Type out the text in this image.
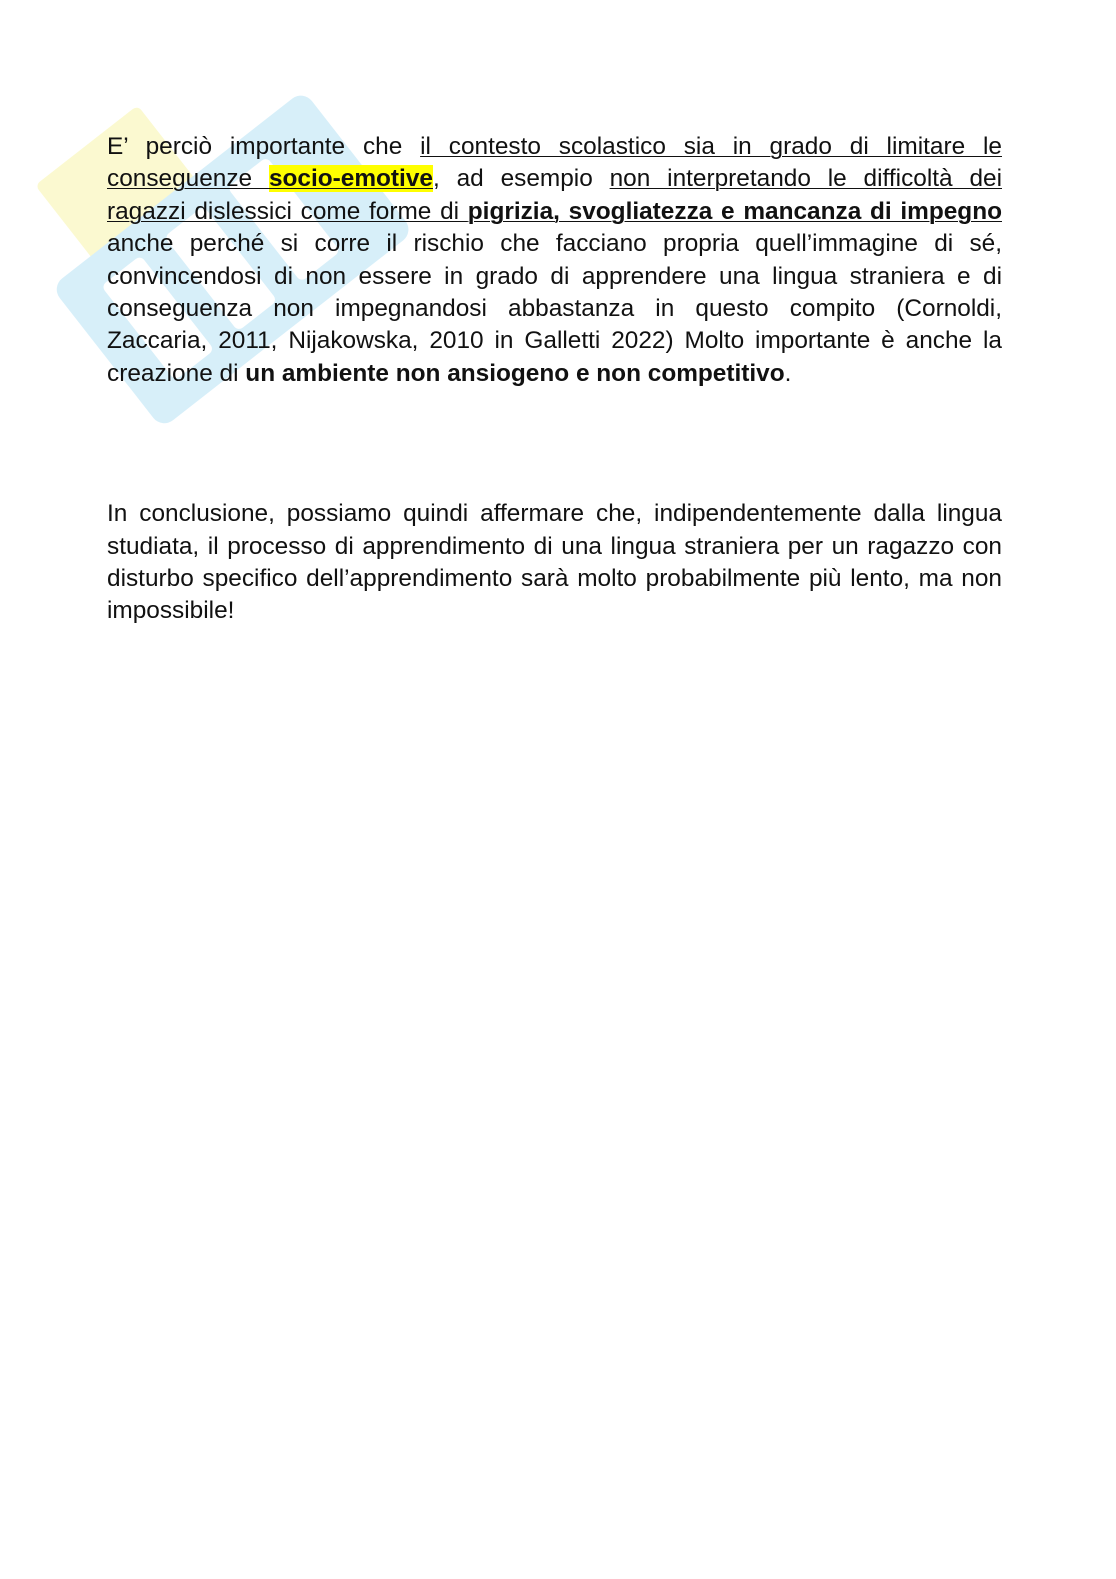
E’ perciò importante che il contesto scolastico sia in grado di limitare le conseguenze socio-emotive, ad esempio non interpretando le difficoltà dei ragazzi dislessici come forme di pigrizia, svogliatezza e mancanza di impegno anche perché si corre il rischio che facciano propria quell’immagine di sé, convincendosi di non essere in grado di apprendere una lingua straniera e di conseguenza non impegnandosi abbastanza in questo compito (Cornoldi, Zaccaria, 2011, Nijakowska, 2010 in Galletti 2022) Molto importante è anche la creazione di un ambiente non ansiogeno e non competitivo.

In conclusione, possiamo quindi affermare che, indipendentemente dalla lingua studiata, il processo di apprendimento di una lingua straniera per un ragazzo con disturbo specifico dell’apprendimento sarà molto probabilmente più lento, ma non impossibile!
